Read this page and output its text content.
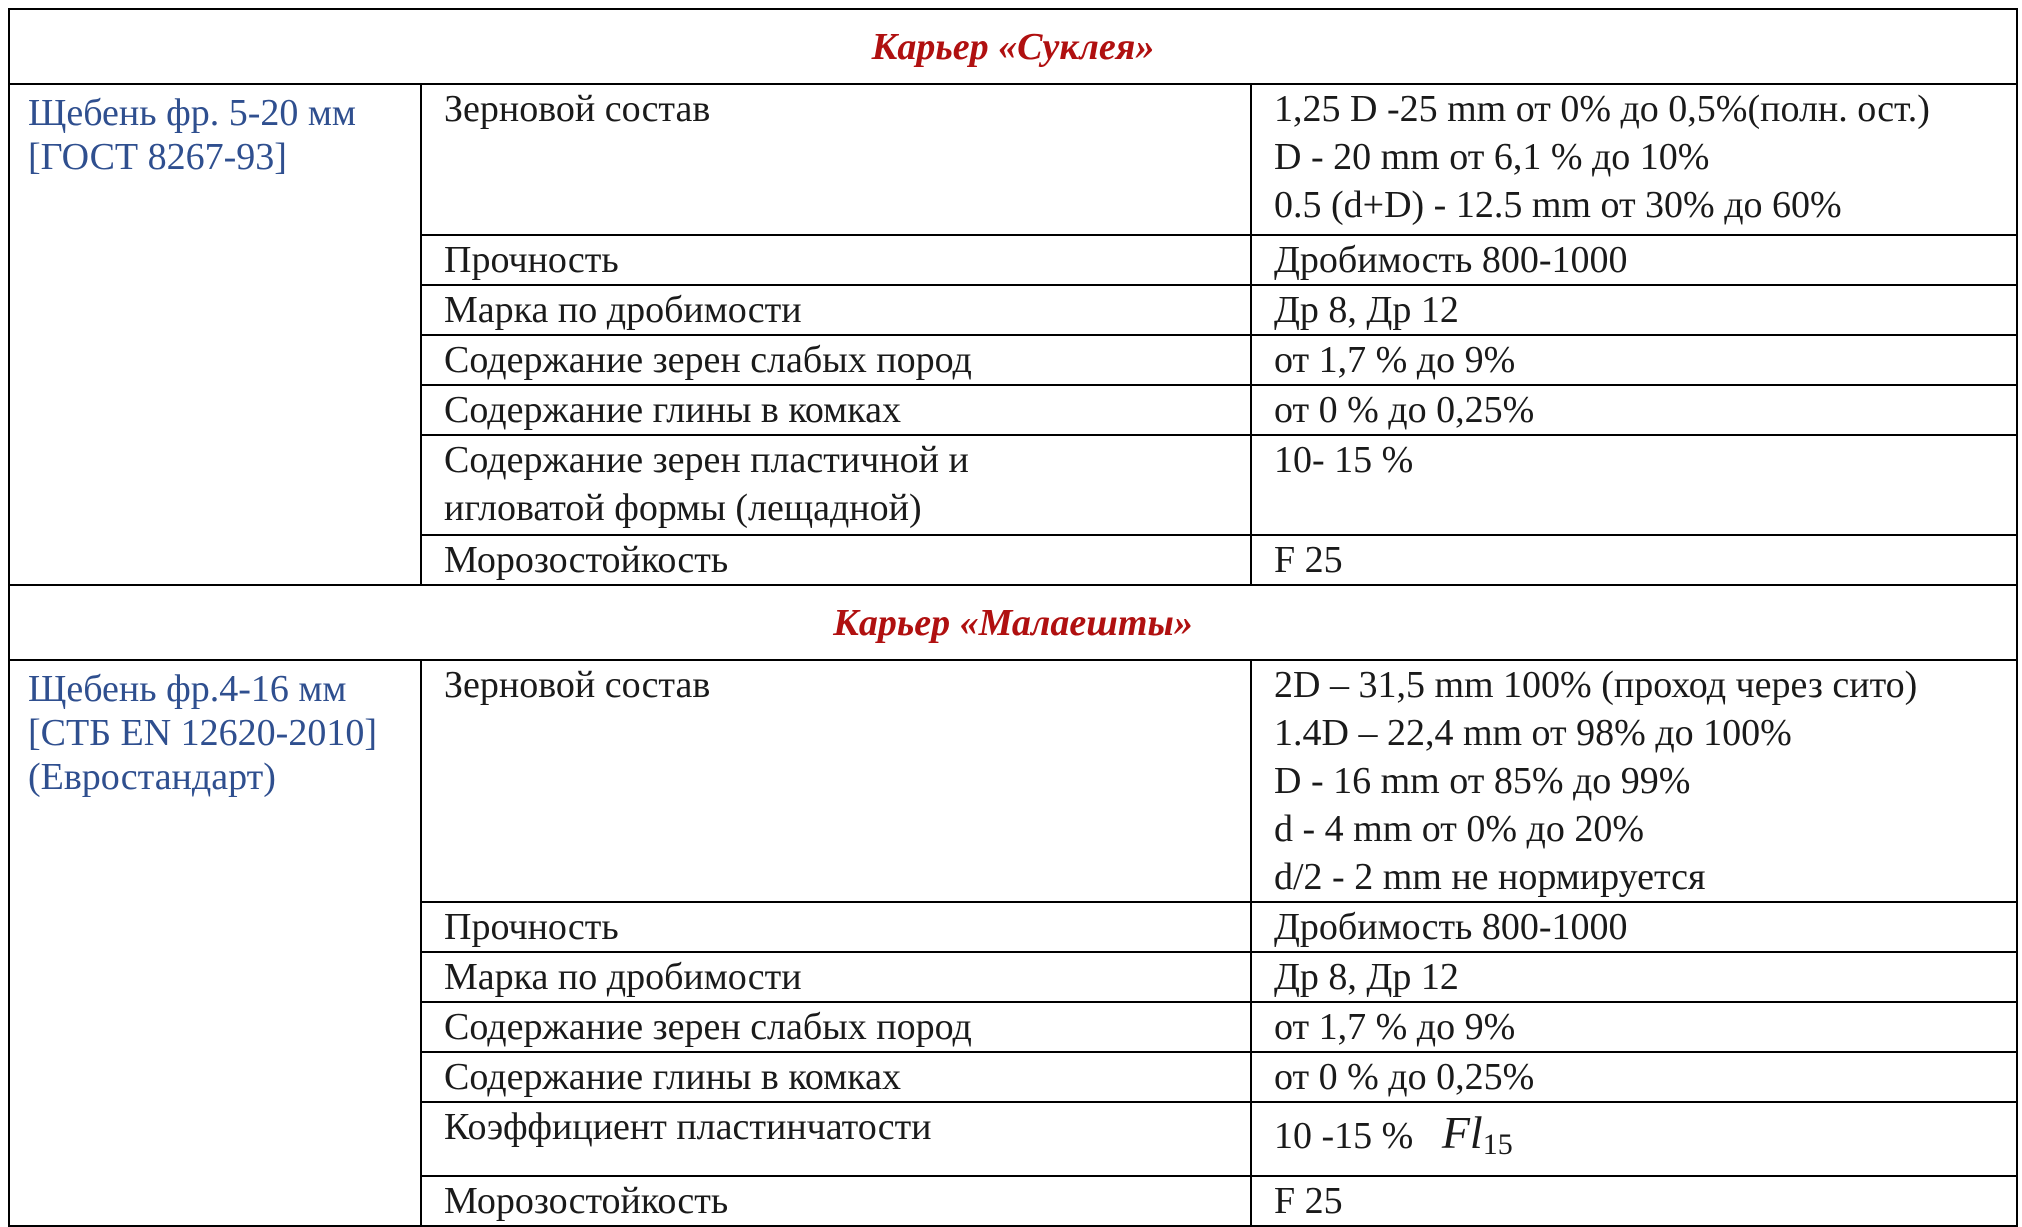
Карьер «Суклея»		

Щебень фр. 5-20 мм
[ГОСТ 8267-93]	Зерновой состав	1,25 D -25 mm от 0% до 0,5%(полн. ост.)
D - 20 mm от 6,1 % до 10%
0.5 (d+D) - 12.5 mm от 30% до 60%

	Прочность	Дробимость 800-1000

	Марка по дробимости	Др 8, Др 12

	Содержание зерен слабых пород	от 1,7 % до 9%

	Содержание глины в комках	от 0 % до 0,25%

	Содержание зерен пластичной и
игловатой формы (лещадной)	10- 15 %

	Морозостойкость	F 25

Карьер «Малаешты»		

Щебень фр.4-16 мм
[СТБ EN 12620-2010]
(Евростандарт)	Зерновой состав	2D – 31,5 mm 100% (проход через сито)
1.4D – 22,4 mm от 98% до 100%
D - 16 mm от 85% до 99%
d - 4 mm от 0% до 20%
d/2 - 2 mm не нормируется

	Прочность	Дробимость 800-1000

	Марка по дробимости	Др 8, Др 12

	Содержание зерен слабых пород	от 1,7 % до 9%

	Содержание глины в комках	от 0 % до 0,25%

	Коэффициент пластинчатости	10 -15 % $Fl_{15}$

	Морозостойкость	F 25
